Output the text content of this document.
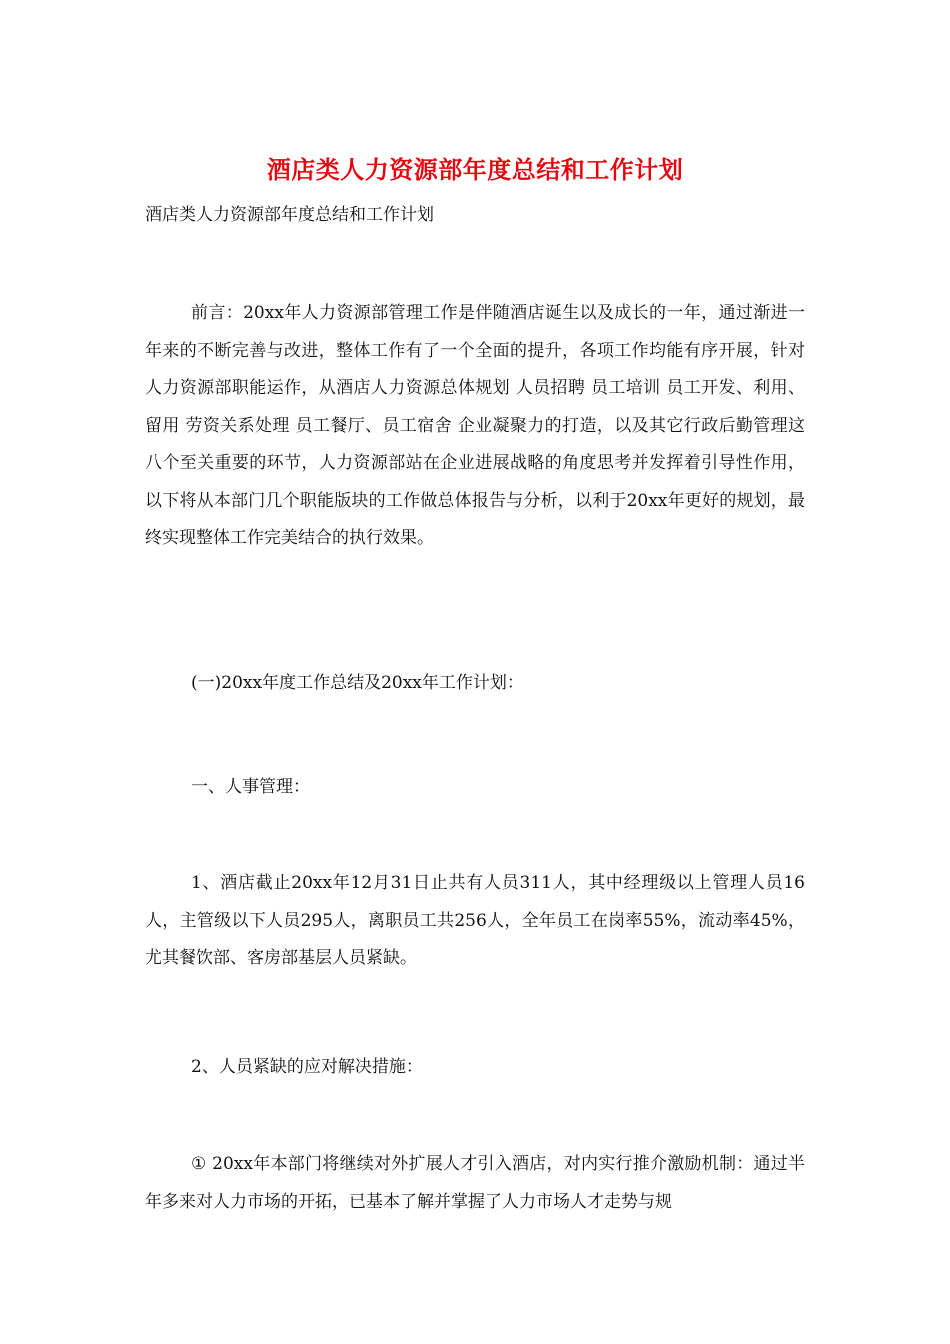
酒店类人力资源部年度总结和工作计划
酒店类人力资源部年度总结和工作计划
前言：20xx年人力资源部管理工作是伴随酒店诞生以及成长的一年，通过渐进一年来的不断完善与改进，整体工作有了一个全面的提升，各项工作均能有序开展，针对人力资源部职能运作，从酒店人力资源总体规划 人员招聘 员工培训 员工开发、利用、留用 劳资关系处理 员工餐厅、员工宿舍 企业凝聚力的打造，以及其它行政后勤管理这八个至关重要的环节，人力资源部站在企业进展战略的角度思考并发挥着引导性作用，以下将从本部门几个职能版块的工作做总体报告与分析，以利于20xx年更好的规划，最终实现整体工作完美结合的执行效果。
(一)20xx年度工作总结及20xx年工作计划：
一、人事管理：
1、酒店截止20xx年12月31日止共有人员311人，其中经理级以上管理人员16人，主管级以下人员295人，离职员工共256人，全年员工在岗率55%，流动率45%，尤其餐饮部、客房部基层人员紧缺。
2、人员紧缺的应对解决措施：
① 20xx年本部门将继续对外扩展人才引入酒店，对内实行推介激励机制：通过半年多来对人力市场的开拓，已基本了解并掌握了人力市场人才走势与规
